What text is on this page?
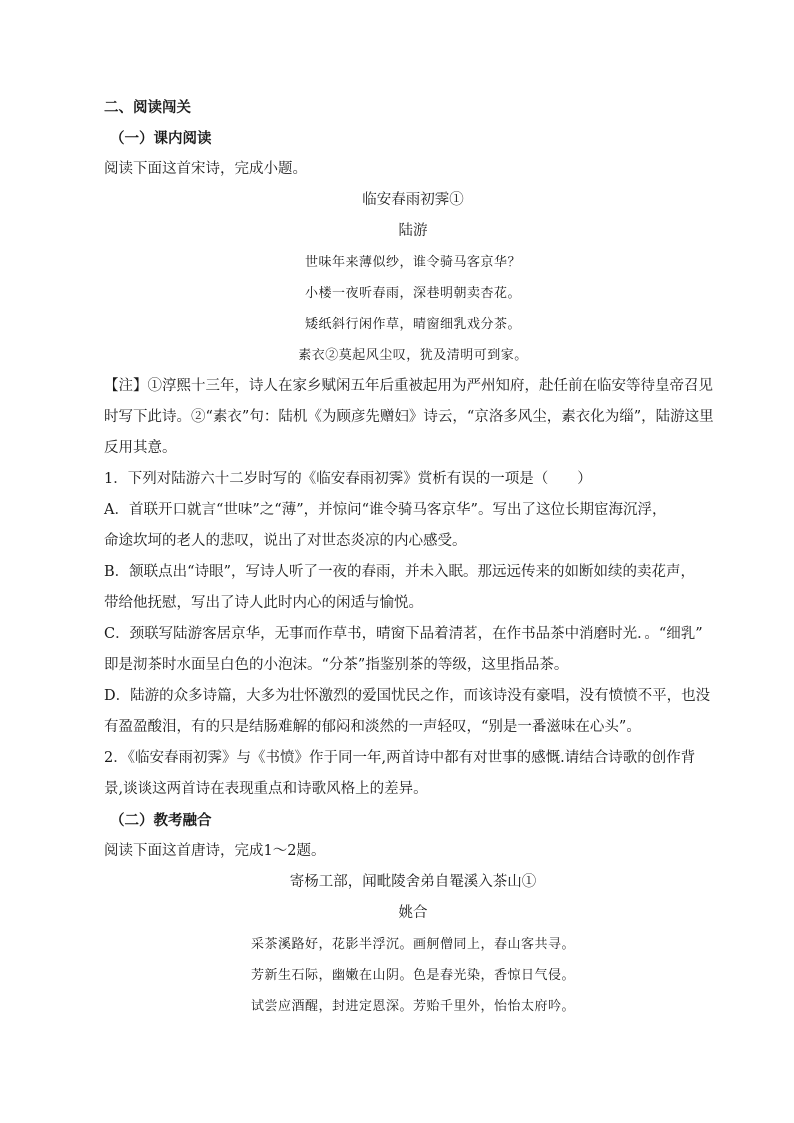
二、阅读闯关
（一）课内阅读
阅读下面这首宋诗，完成小题。
临安春雨初霁①
陆游
世味年来薄似纱，谁令骑马客京华？
小楼一夜听春雨，深巷明朝卖杏花。
矮纸斜行闲作草，晴窗细乳戏分茶。
素衣②莫起风尘叹，犹及清明可到家。
【注】①淳熙十三年，诗人在家乡赋闲五年后重被起用为严州知府，赴任前在临安等待皇帝召见
时写下此诗。②“素衣”句：陆机《为顾彦先赠妇》诗云，“京洛多风尘，素衣化为缁”，陆游这里
反用其意。
1．下列对陆游六十二岁时写的《临安春雨初霁》赏析有误的一项是（　　）
A．首联开口就言“世味”之“薄”，并惊问“谁令骑马客京华”。写出了这位长期宦海沉浮，
命途坎坷的老人的悲叹，说出了对世态炎凉的内心感受。
B．颔联点出“诗眼”，写诗人听了一夜的春雨，并未入眠。那远远传来的如断如续的卖花声，
带给他抚慰，写出了诗人此时内心的闲适与愉悦。
C．颈联写陆游客居京华，无事而作草书，晴窗下品着清茗，在作书品茶中消磨时光．。“细乳”
即是沏茶时水面呈白色的小泡沫。“分茶”指鉴别茶的等级，这里指品茶。
D．陆游的众多诗篇，大多为壮怀激烈的爱国忧民之作，而该诗没有豪唱，没有愤愤不平，也没
有盈盈酸泪，有的只是结肠难解的郁闷和淡然的一声轻叹，“别是一番滋味在心头”。
2．《临安春雨初霁》与《书愤》作于同一年,两首诗中都有对世事的感慨.请结合诗歌的创作背
景,谈谈这两首诗在表现重点和诗歌风格上的差异。
（二）教考融合
阅读下面这首唐诗，完成1～2题。
寄杨工部，闻毗陵舍弟自罨溪入茶山①
姚合
采茶溪路好，花影半浮沉。画舸僧同上，春山客共寻。
芳新生石际，幽嫩在山阴。色是春光染，香惊日气侵。
试尝应酒醒，封进定恩深。芳贻千里外，怡怡太府吟。
